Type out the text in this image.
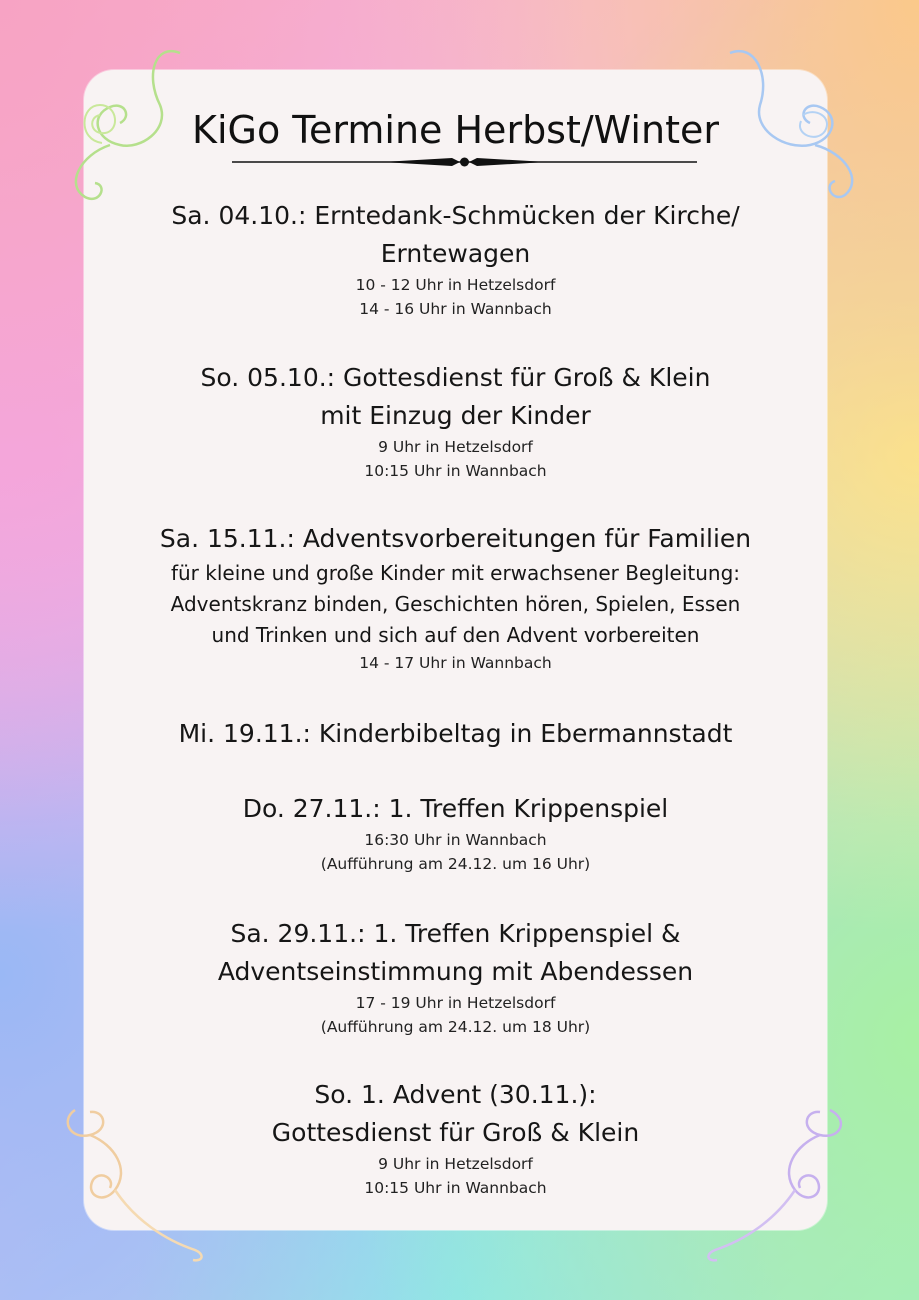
KiGo Termine Herbst/Winter

Sa. 04.10.: Erntedank-Schmücken der Kirche/

Erntewagen

10 - 12 Uhr in Hetzelsdorf

14 - 16 Uhr in Wannbach

So. 05.10.: Gottesdienst für Groß & Klein

mit Einzug der Kinder

9 Uhr in Hetzelsdorf

10:15 Uhr in Wannbach

Sa. 15.11.: Adventsvorbereitungen für Familien

für kleine und große Kinder mit erwachsener Begleitung:

Adventskranz binden, Geschichten hören, Spielen, Essen

und Trinken und sich auf den Advent vorbereiten

14 - 17 Uhr in Wannbach

Mi. 19.11.: Kinderbibeltag in Ebermannstadt

Do. 27.11.: 1. Treffen Krippenspiel

16:30 Uhr in Wannbach

(Aufführung am 24.12. um 16 Uhr)

Sa. 29.11.: 1. Treffen Krippenspiel &

Adventseinstimmung mit Abendessen

17 - 19 Uhr in Hetzelsdorf

(Aufführung am 24.12. um 18 Uhr)

So. 1. Advent (30.11.):

Gottesdienst für Groß & Klein

9 Uhr in Hetzelsdorf

10:15 Uhr in Wannbach
